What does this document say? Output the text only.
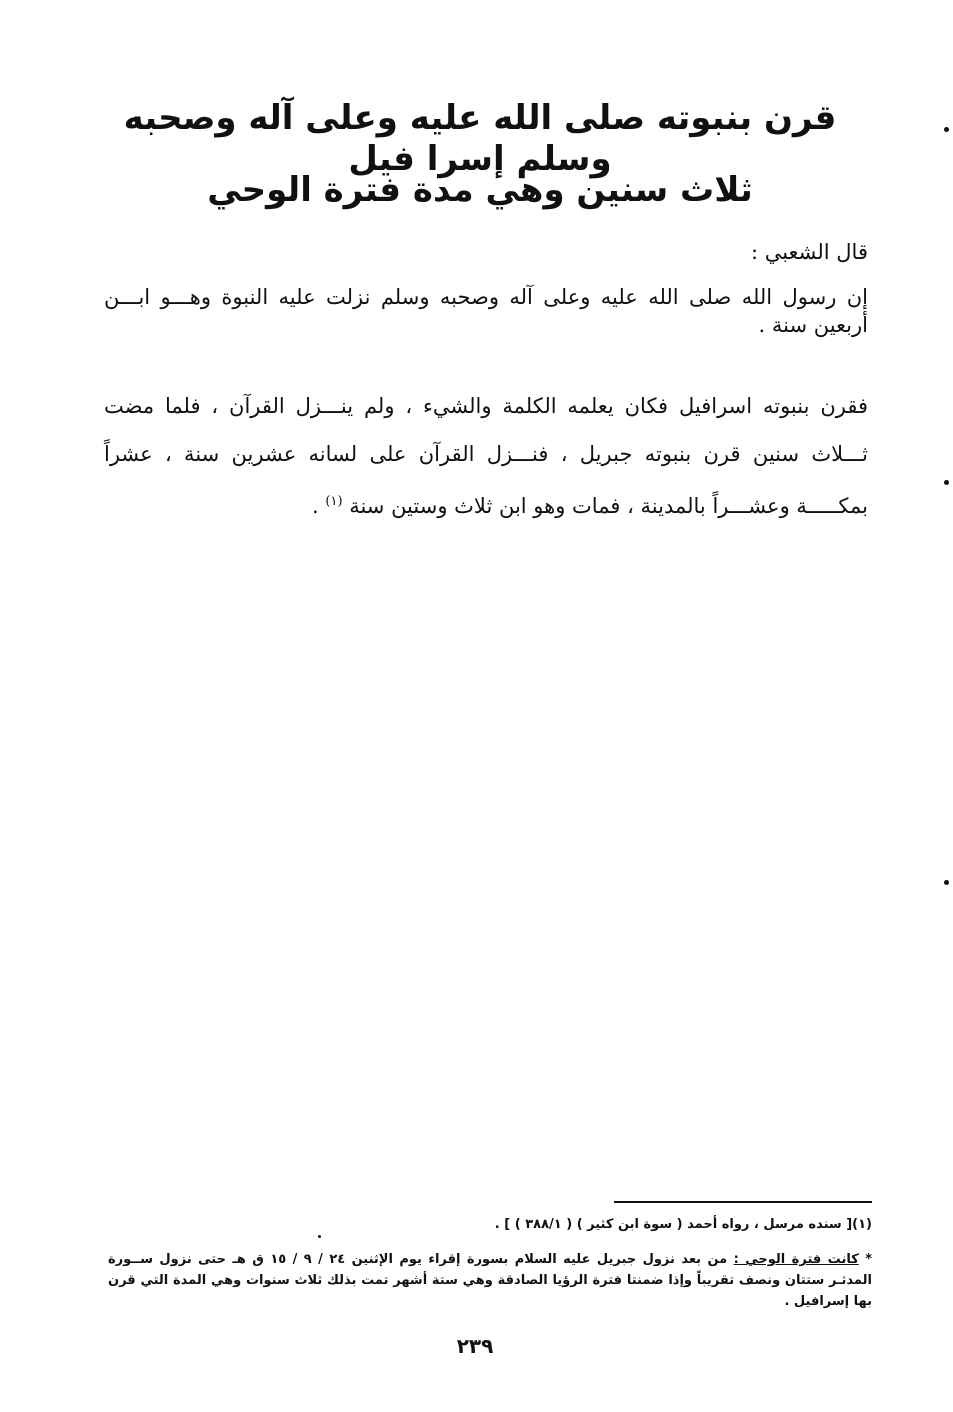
قرن بنبوته صلى الله عليه وعلى آله وصحبه وسلم إسرا فيل
ثلاث سنين وهي مدة فترة الوحي
قال الشعبي :
إن رسول الله صلى الله عليه وعلى آله وصحبه وسلم نزلت عليه النبوة وهـــو ابـــن أربعين سنة .
فقرن بنبوته اسرافيل فكان يعلمه الكلمة والشيء ، ولم ينـــزل القرآن ، فلما مضت ثـــلاث سنين قرن بنبوته جبريل ، فنـــزل القرآن على لسانه عشرين سنة ، عشراً بمكـــــة وعشـــراً بالمدينة ، فمات وهو ابن ثلاث وستين سنة $^{(١)}$ .
(١)[ سنده مرسل ، رواه أحمد ( سوة ابن كثير ) ( ٣٨٨/١ ) ] .
* كانت فترة الوحي : من بعد نزول جبريل عليه السلام بسورة إقراء يوم الإثنين ٢٤ / ٩ / ١٥ ق هـ حتى نزول ســورة المدثـر ستتان ونصف تقريباً وإذا ضمنتا فترة الرؤيا الصادقة وهي ستة أشهر تمت بذلك ثلاث سنوات وهي المدة التي قرن بها إسرافيل .
٢٣٩
